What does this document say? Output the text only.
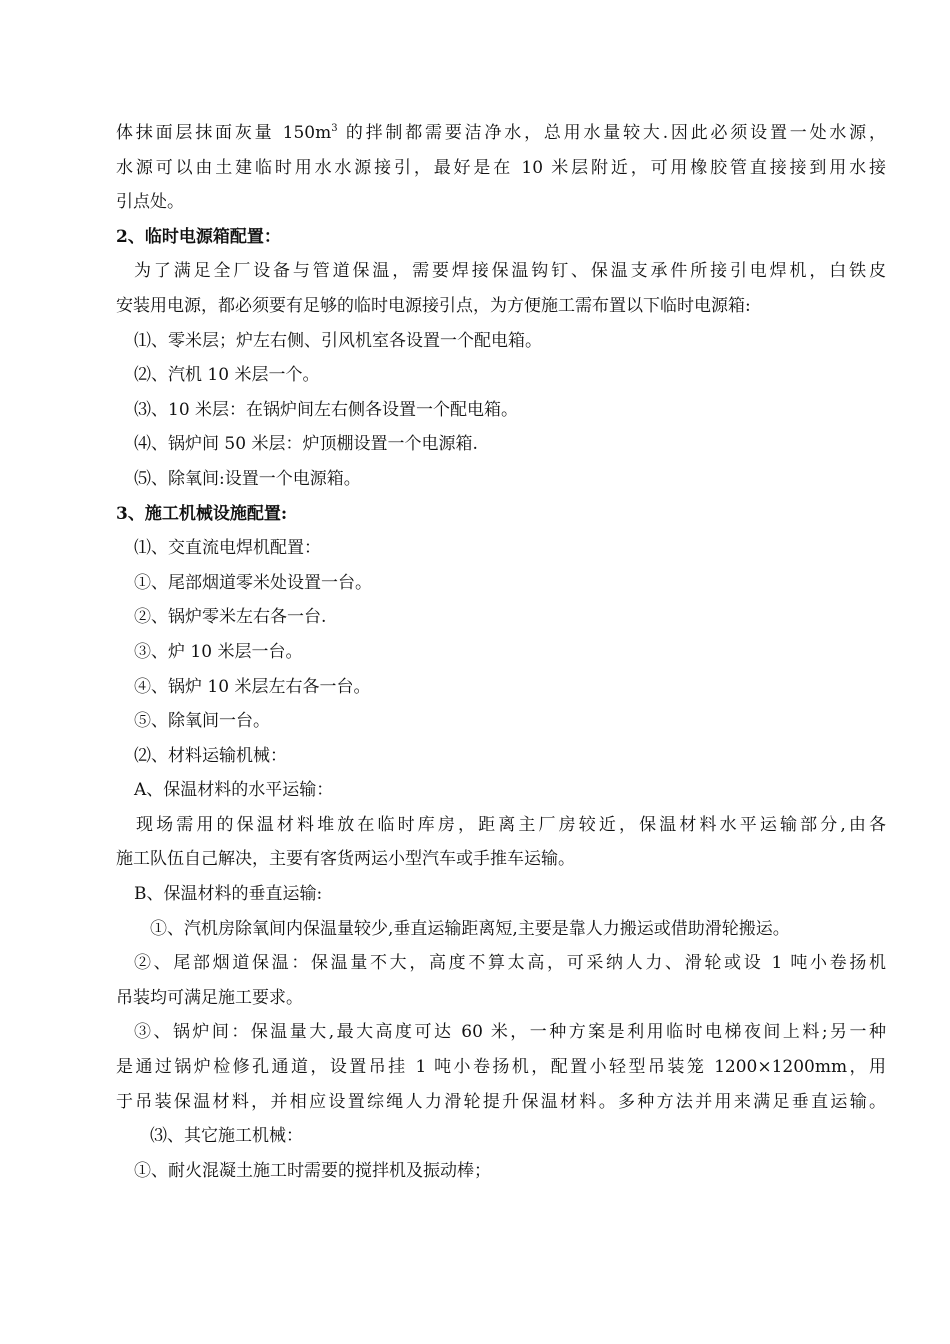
体抹面层抹面灰量 $150m^3$ 的拌制都需要洁净水，总用水量较大.因此必须设置一处水源，

水源可以由土建临时用水水源接引，最好是在 10 米层附近，可用橡胶管直接接到用水接

引点处。

2、临时电源箱配置：

为了满足全厂设备与管道保温，需要焊接保温钩钉、保温支承件所接引电焊机，白铁皮

安装用电源，都必须要有足够的临时电源接引点，为方便施工需布置以下临时电源箱:

⑴、零米层；炉左右侧、引风机室各设置一个配电箱。

⑵、汽机 10 米层一个。

⑶、10 米层：在锅炉间左右侧各设置一个配电箱。

⑷、锅炉间 50 米层：炉顶棚设置一个电源箱.

⑸、除氧间:设置一个电源箱。

3、施工机械设施配置:

⑴、交直流电焊机配置：

①、尾部烟道零米处设置一台。

②、锅炉零米左右各一台.

③、炉 10 米层一台。

④、锅炉 10 米层左右各一台。

⑤、除氧间一台。

⑵、材料运输机械：

A、保温材料的水平运输：

现场需用的保温材料堆放在临时库房，距离主厂房较近，保温材料水平运输部分,由各

施工队伍自己解决，主要有客货两运小型汽车或手推车运输。

B、保温材料的垂直运输:

①、汽机房除氧间内保温量较少,垂直运输距离短,主要是靠人力搬运或借助滑轮搬运。

②、尾部烟道保温：保温量不大，高度不算太高，可采纳人力、滑轮或设 1 吨小卷扬机

吊装均可满足施工要求。

③、锅炉间：保温量大,最大高度可达 60 米，一种方案是利用临时电梯夜间上料;另一种

是通过锅炉检修孔通道，设置吊挂 1 吨小卷扬机，配置小轻型吊装笼 1200×1200mm，用

于吊装保温材料，并相应设置综绳人力滑轮提升保温材料。多种方法并用来满足垂直运输。

⑶、其它施工机械：

①、耐火混凝土施工时需要的搅拌机及振动棒；
